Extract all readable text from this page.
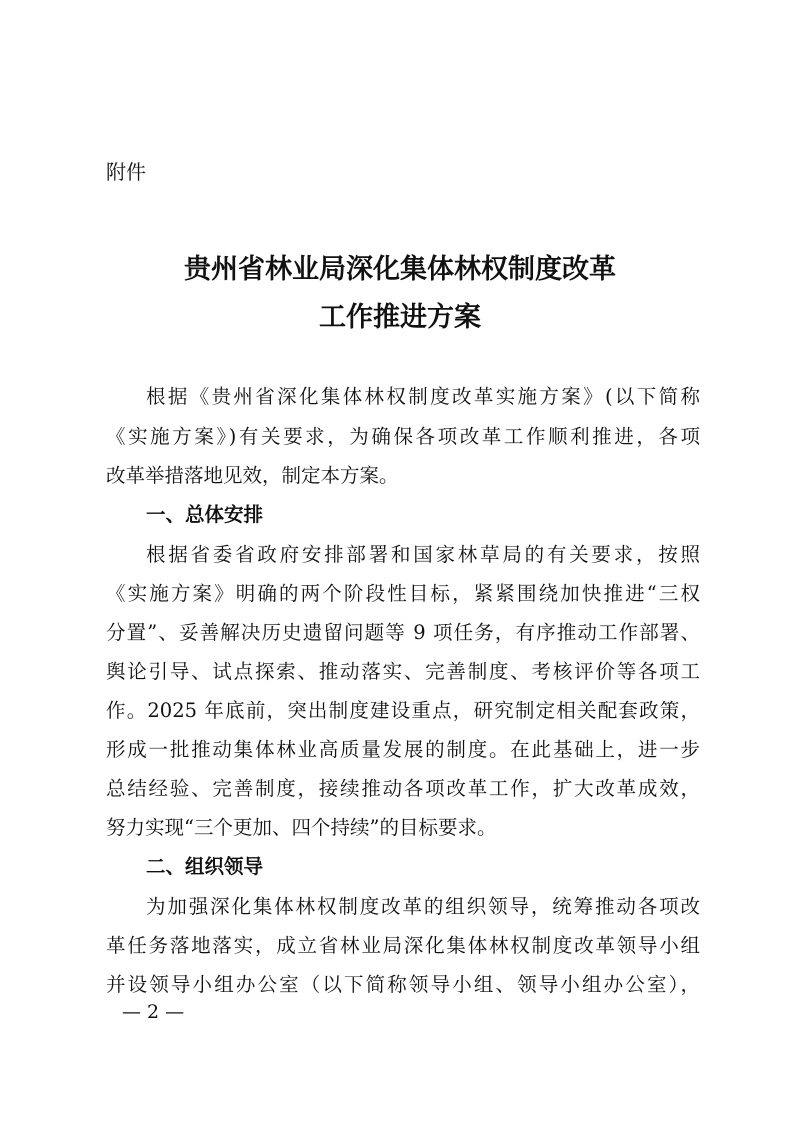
附件
贵州省林业局深化集体林权制度改革
工作推进方案
根据《贵州省深化集体林权制度改革实施方案》(以下简称
《实施方案》)有关要求，为确保各项改革工作顺利推进，各项
改革举措落地见效，制定本方案。
一、总体安排
根据省委省政府安排部署和国家林草局的有关要求，按照
《实施方案》明确的两个阶段性目标，紧紧围绕加快推进“三权
分置”、妥善解决历史遗留问题等 9 项任务，有序推动工作部署、
舆论引导、试点探索、推动落实、完善制度、考核评价等各项工
作。2025 年底前，突出制度建设重点，研究制定相关配套政策，
形成一批推动集体林业高质量发展的制度。在此基础上，进一步
总结经验、完善制度，接续推动各项改革工作，扩大改革成效，
努力实现“三个更加、四个持续”的目标要求。
二、组织领导
为加强深化集体林权制度改革的组织领导，统筹推动各项改
革任务落地落实，成立省林业局深化集体林权制度改革领导小组
并设领导小组办公室（以下简称领导小组、领导小组办公室），
— 2 —
